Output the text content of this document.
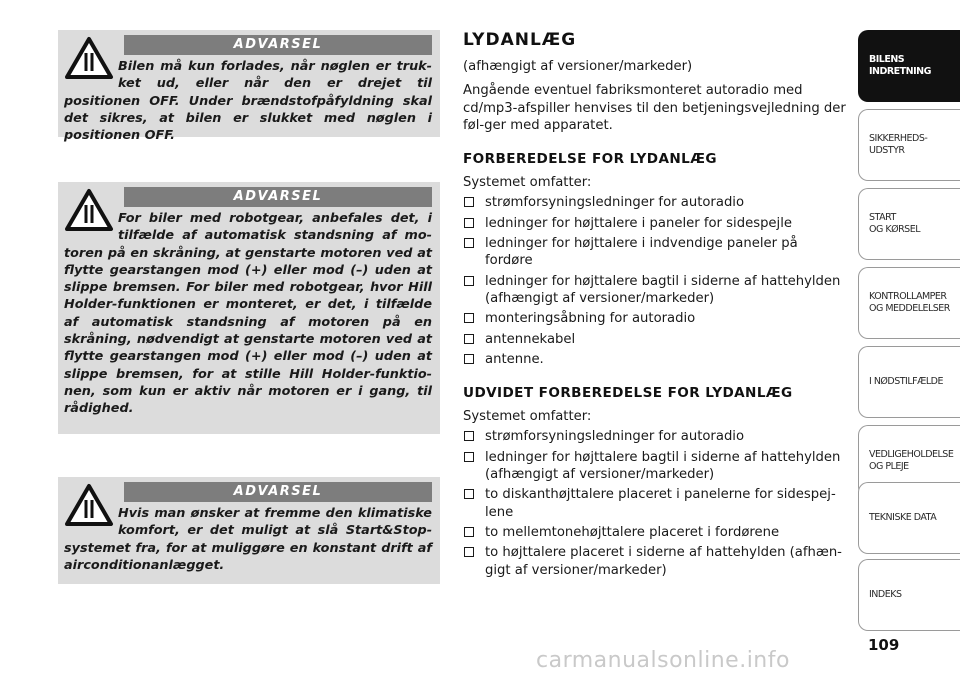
ADVARSEL
Bilen må kun forlades, når nøglen er truk-ket ud, eller når den er drejet til positionen OFF. Under brændstofpåfyldning skal det sikres, at bilen er slukket med nøglen i positionen OFF.
ADVARSEL
For biler med robotgear, anbefales det, i tilfælde af automatisk standsning af mo-toren på en skråning, at genstarte motoren ved at flytte gearstangen mod (+) eller mod (–) uden at slippe bremsen. For biler med robotgear, hvor Hill Holder-funktionen er monteret, er det, i tilfælde af automatisk standsning af motoren på en skråning, nødvendigt at genstarte motoren ved at flytte gearstangen mod (+) eller mod (–) uden at slippe bremsen, for at stille Hill Holder-funktio-nen, som kun er aktiv når motoren er i gang, til rådighed.
ADVARSEL
Hvis man ønsker at fremme den klimatiske komfort, er det muligt at slå Start&Stop-systemet fra, for at muliggøre en konstant drift af airconditionanlægget.
LYDANLÆG
(afhængigt af versioner/markeder)
Angående eventuel fabriksmonteret autoradio med cd/mp3-afspiller henvises til den betjeningsvejledning der føl-ger med apparatet.
FORBEREDELSE FOR LYDANLÆG
Systemet omfatter:
strømforsyningsledninger for autoradio
ledninger for højttalere i paneler for sidespejle
ledninger for højttalere i indvendige paneler på fordøre
ledninger for højttalere bagtil i siderne af hattehylden (afhængigt af versioner/markeder)
monteringsåbning for autoradio
antennekabel
antenne.
UDVIDET FORBEREDELSE FOR LYDANLÆG
Systemet omfatter:
strømforsyningsledninger for autoradio
ledninger for højttalere bagtil i siderne af hattehylden (afhængigt af versioner/markeder)
to diskanthøjttalere placeret i panelerne for sidespej-lene
to mellemtonehøjttalere placeret i fordørene
to højttalere placeret i siderne af hattehylden (afhæn-gigt af versioner/markeder)
BILENS
INDRETNING
SIKKERHEDS-
UDSTYR
START
OG KØRSEL
KONTROLLAMPER
OG MEDDELELSER
I NØDSTILFÆLDE
VEDLIGEHOLDELSE
OG PLEJE
TEKNISKE DATA
INDEKS
109
carmanualsonline.info
